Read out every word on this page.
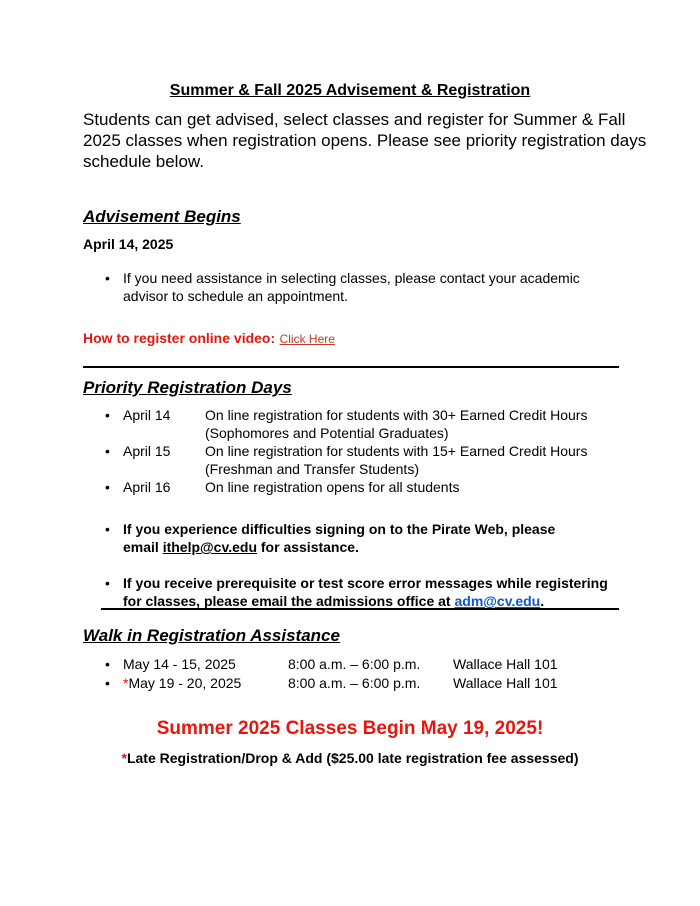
Summer & Fall 2025 Advisement & Registration
Students can get advised, select classes and register for Summer & Fall
2025 classes when registration opens. Please see priority registration days
schedule below.
Advisement Begins
April 14, 2025
• If you need assistance in selecting classes, please contact your academic
advisor to schedule an appointment.
How to register online video: Click Here
Priority Registration Days
• April 14 On line registration for students with 30+ Earned Credit Hours
(Sophomores and Potential Graduates)
• April 15 On line registration for students with 15+ Earned Credit Hours
(Freshman and Transfer Students)
• April 16 On line registration opens for all students
• If you experience difficulties signing on to the Pirate Web, please
email ithelp@cv.edu for assistance.
• If you receive prerequisite or test score error messages while registering
for classes, please email the admissions office at adm@cv.edu.
Walk in Registration Assistance
• May 14 - 15, 2025	8:00 a.m. – 6:00 p.m. Wallace Hall 101
• *May 19 - 20, 2025	8:00 a.m. – 6:00 p.m. Wallace Hall 101
Summer 2025 Classes Begin May 19, 2025!
*Late Registration/Drop & Add ($25.00 late registration fee assessed)
